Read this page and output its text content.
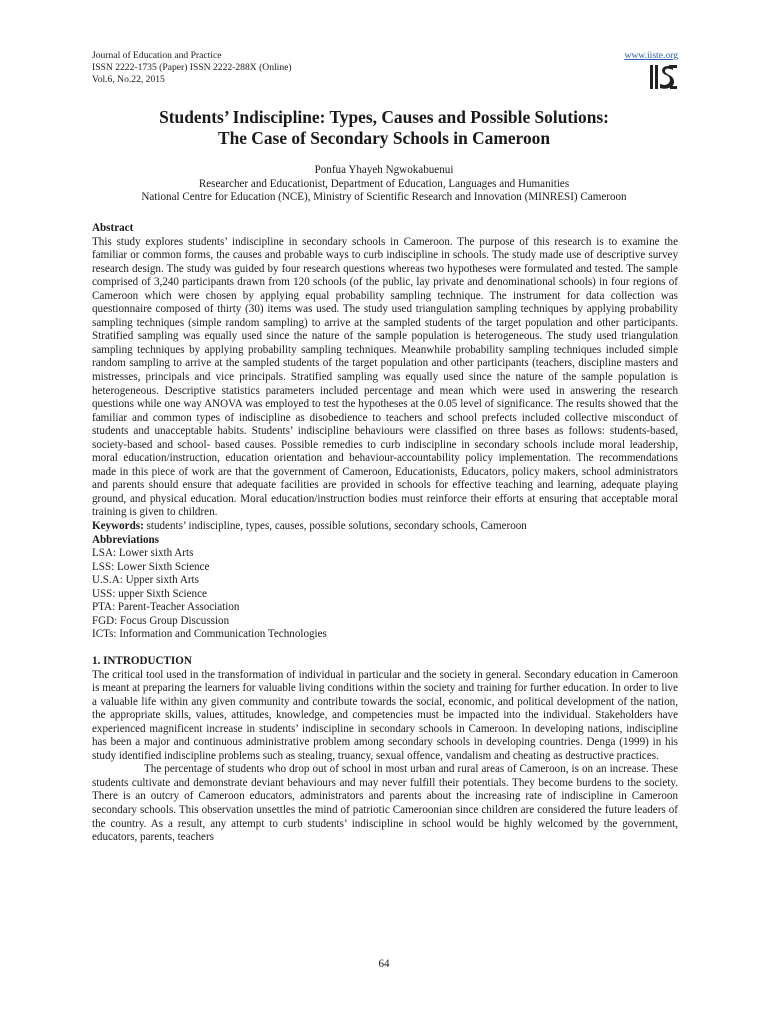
Journal of Education and Practice
ISSN 2222-1735 (Paper) ISSN 2222-288X (Online)
Vol.6, No.22, 2015
www.iiste.org
Students’ Indiscipline: Types, Causes and Possible Solutions:
The Case of Secondary Schools in Cameroon
Ponfua Yhayeh Ngwokabuenui
Researcher and Educationist, Department of Education, Languages and Humanities
National Centre for Education (NCE), Ministry of Scientific Research and Innovation (MINRESI) Cameroon
Abstract

This study explores students’ indiscipline in secondary schools in Cameroon. The purpose of this research is to examine the familiar or common forms, the causes and probable ways to curb indiscipline in schools. The study made use of descriptive survey research design. The study was guided by four research questions whereas two hypotheses were formulated and tested. The sample comprised of 3,240 participants drawn from 120 schools (of the public, lay private and denominational schools) in four regions of Cameroon which were chosen by applying equal probability sampling technique. The instrument for data collection was questionnaire composed of thirty (30) items was used. The study used triangulation sampling techniques by applying probability sampling techniques (simple random sampling) to arrive at the sampled students of the target population and other participants. Stratified sampling was equally used since the nature of the sample population is heterogeneous. The study used triangulation sampling techniques by applying probability sampling techniques. Meanwhile probability sampling techniques included simple random sampling to arrive at the sampled students of the target population and other participants (teachers, discipline masters and mistresses, principals and vice principals. Stratified sampling was equally used since the nature of the sample population is heterogeneous. Descriptive statistics parameters included percentage and mean which were used in answering the research questions while one way ANOVA was employed to test the hypotheses at the 0.05 level of significance. The results showed that the familiar and common types of indiscipline as disobedience to teachers and school prefects included collective misconduct of students and unacceptable habits. Students’ indiscipline behaviours were classified on three bases as follows: students-based, society-based and school- based causes. Possible remedies to curb indiscipline in secondary schools include moral leadership, moral education/instruction, education orientation and behaviour-accountability policy implementation. The recommendations made in this piece of work are that the government of Cameroon, Educationists, Educators, policy makers, school administrators and parents should ensure that adequate facilities are provided in schools for effective teaching and learning, adequate playing ground, and physical education. Moral education/instruction bodies must reinforce their efforts at ensuring that acceptable moral training is given to children.

Keywords: students’ indiscipline, types, causes, possible solutions, secondary schools, Cameroon

Abbreviations

LSA: Lower sixth Arts

LSS: Lower Sixth Science

U.S.A: Upper sixth Arts

USS: upper Sixth Science

PTA: Parent-Teacher Association

FGD: Focus Group Discussion

ICTs: Information and Communication Technologies

1. INTRODUCTION

The critical tool used in the transformation of individual in particular and the society in general. Secondary education in Cameroon is meant at preparing the learners for valuable living conditions within the society and training for further education. In order to live a valuable life within any given community and contribute towards the social, economic, and political development of the nation, the appropriate skills, values, attitudes, knowledge, and competencies must be impacted into the individual. Stakeholders have experienced magnificent increase in students’ indiscipline in secondary schools in Cameroon. In developing nations, indiscipline has been a major and continuous administrative problem among secondary schools in developing countries. Denga (1999) in his study identified indiscipline problems such as stealing, truancy, sexual offence, vandalism and cheating as destructive practices.

The percentage of students who drop out of school in most urban and rural areas of Cameroon, is on an increase. These students cultivate and demonstrate deviant behaviours and may never fulfill their potentials. They become burdens to the society. There is an outcry of Cameroon educators, administrators and parents about the increasing rate of indiscipline in Cameroon secondary schools. This observation unsettles the mind of patriotic Cameroonian since children are considered the future leaders of the country. As a result, any attempt to curb students’ indiscipline in school would be highly welcomed by the government, educators, parents, teachers

64
